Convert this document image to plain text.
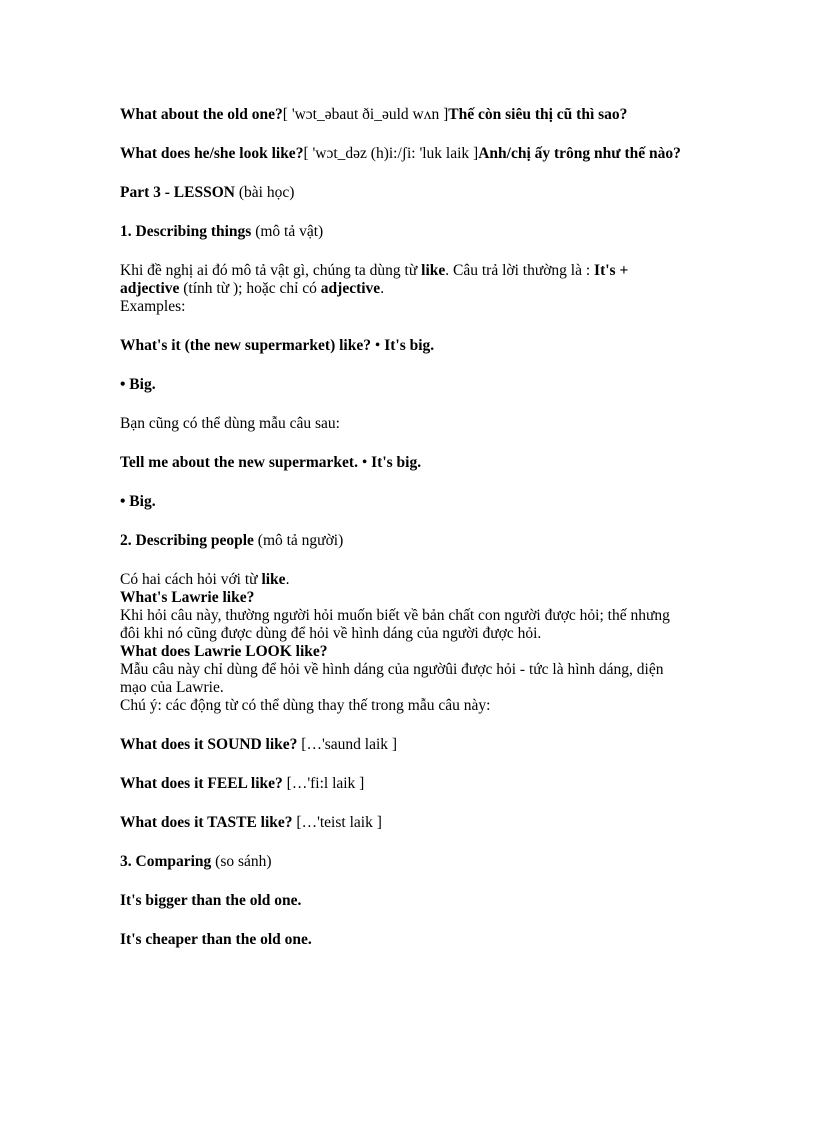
What about the old one?[ 'wɔt_əbaut ði_əuld wʌn ]Thế còn siêu thị cũ thì sao?

What does he/she look like?[ 'wɔt_dəz (h)i:/ʃi: 'luk laik ]Anh/chị ấy trông như thế nào?

Part 3 - LESSON (bài học)

1. Describing things (mô tả vật)

Khi đề nghị ai đó mô tả vật gì, chúng ta dùng từ like. Câu trả lời thường là : It's + adjective (tính từ ); hoặc chỉ có adjective.

Examples:

What's it (the new supermarket) like? • It's big.

• Big.

Bạn cũng có thể dùng mẫu câu sau:

Tell me about the new supermarket. • It's big.

• Big.

2. Describing people (mô tả người)

Có hai cách hỏi với từ like.

What's Lawrie like?

Khi hỏi câu này, thường người hỏi muốn biết về bản chất con người được hỏi; thế nhưng đôi khi nó cũng được dùng để hỏi về hình dáng của người được hỏi.

What does Lawrie LOOK like?

Mẫu câu này chỉ dùng để hỏi về hình dáng của ngườûi được hỏi - tức là hình dáng, diện mạo của Lawrie.

Chú ý: các động từ có thể dùng thay thế trong mẫu câu này:

What does it SOUND like? […'saund laik ]

What does it FEEL like? […'fi:l laik ]

What does it TASTE like? […'teist laik ]

3. Comparing (so sánh)

It's bigger than the old one.

It's cheaper than the old one.
